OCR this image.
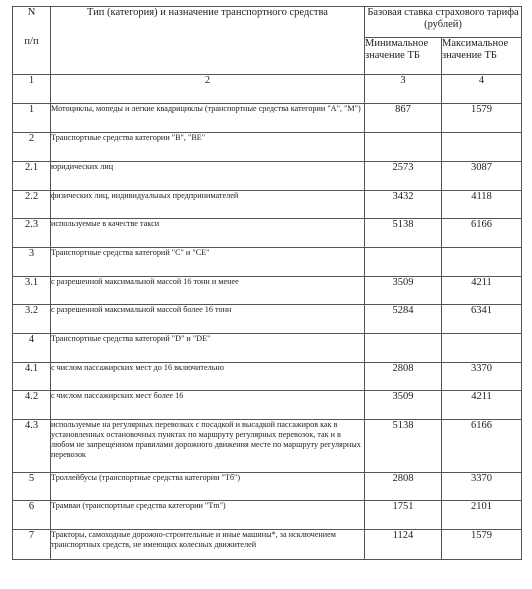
N
п/п	Тип (категория) и назначение транспортного средства	Базовая ставка страхового тарифа (рублей)	
		Минимальное значение ТБ	Максимальное значение ТБ
1	2	3	4
1	Мотоциклы, мопеды и легкие квадрициклы (транспортные средства категории "A", "M")	867	1579
2	Транспортные средства категории "B", "BE"		
2.1	юридических лиц	2573	3087
2.2	физических лиц, индивидуальных предпринимателей	3432	4118
2.3	используемые в качестве такси	5138	6166
3	Транспортные средства категорий "C" и "CE"		
3.1	с разрешенной максимальной массой 16 тонн и менее	3509	4211
3.2	с разрешенной максимальной массой более 16 тонн	5284	6341
4	Транспортные средства категорий "D" и "DE"		
4.1	с числом пассажирских мест до 16 включительно	2808	3370
4.2	с числом пассажирских мест более 16	3509	4211
4.3	используемые на регулярных перевозках с посадкой и высадкой пассажиров как в установленных остановочных пунктах по маршруту регулярных перевозок, так и в любом не запрещенном правилами дорожного движения месте по маршруту регулярных перевозок	5138	6166
5	Троллейбусы (транспортные средства категории "Tб")	2808	3370
6	Трамваи (транспортные средства категории "Tm")	1751	2101
7	Тракторы, самоходные дорожно-строительные и иные машины*, за исключением транспортных средств, не имеющих колесных движителей	1124	1579
